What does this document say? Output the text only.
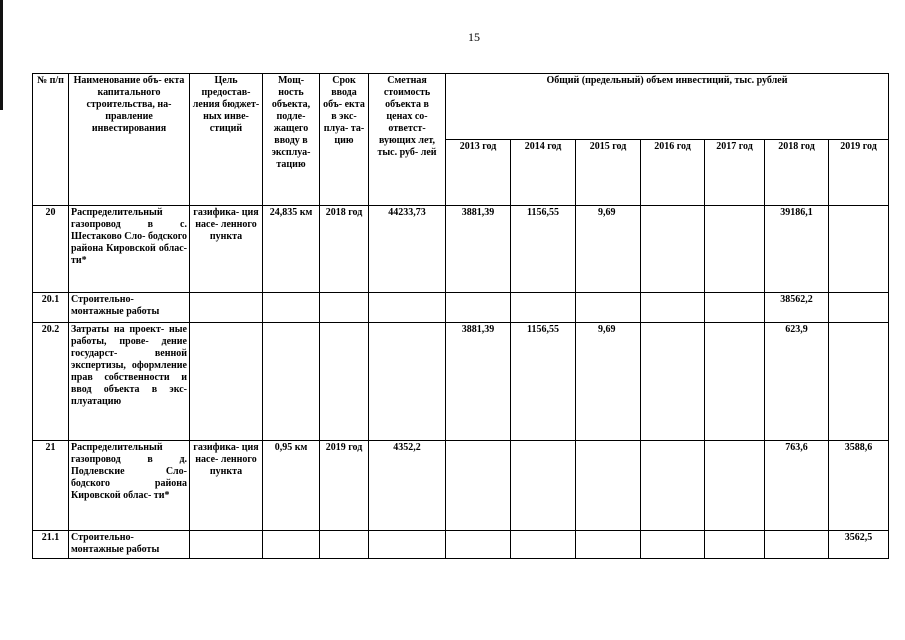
15
№ п/п	Наименование объ- екта капитального строительства, на- правление инвестирования	Цель предостав- ления бюджет- ных инве- стиций	Мощ- ность объекта, подле- жащего вводу в эксплуа- тацию	Срок ввода объ- екта в экс- плуа- та- цию	Сметная стоимость объекта в ценах со- ответст- вующих лет, тыс. руб- лей	Общий (предельный) объем инвестиций, тыс. рублей						
						2013 год	2014 год	2015 год	2016 год	2017 год	2018 год	2019 год
20	Распределительный газопровод в с. Шестаково Сло- бодского района Кировской облас- ти*	газифика- ция насе- ленного пункта	24,835 км	2018 год	44233,73	3881,39	1156,55	9,69			39186,1	
20.1	Строительно- монтажные работы										38562,2	
20.2	Затраты на проект- ные работы, прове- дение государст- венной экспертизы, оформление прав собственности и ввод объекта в экс- плуатацию					3881,39	1156,55	9,69			623,9	
21	Распределительный газопровод в д. Подлевские Сло- бодского района Кировской облас- ти*	газифика- ция насе- ленного пункта	0,95 км	2019 год	4352,2						763,6	3588,6
21.1	Строительно- монтажные работы											3562,5
